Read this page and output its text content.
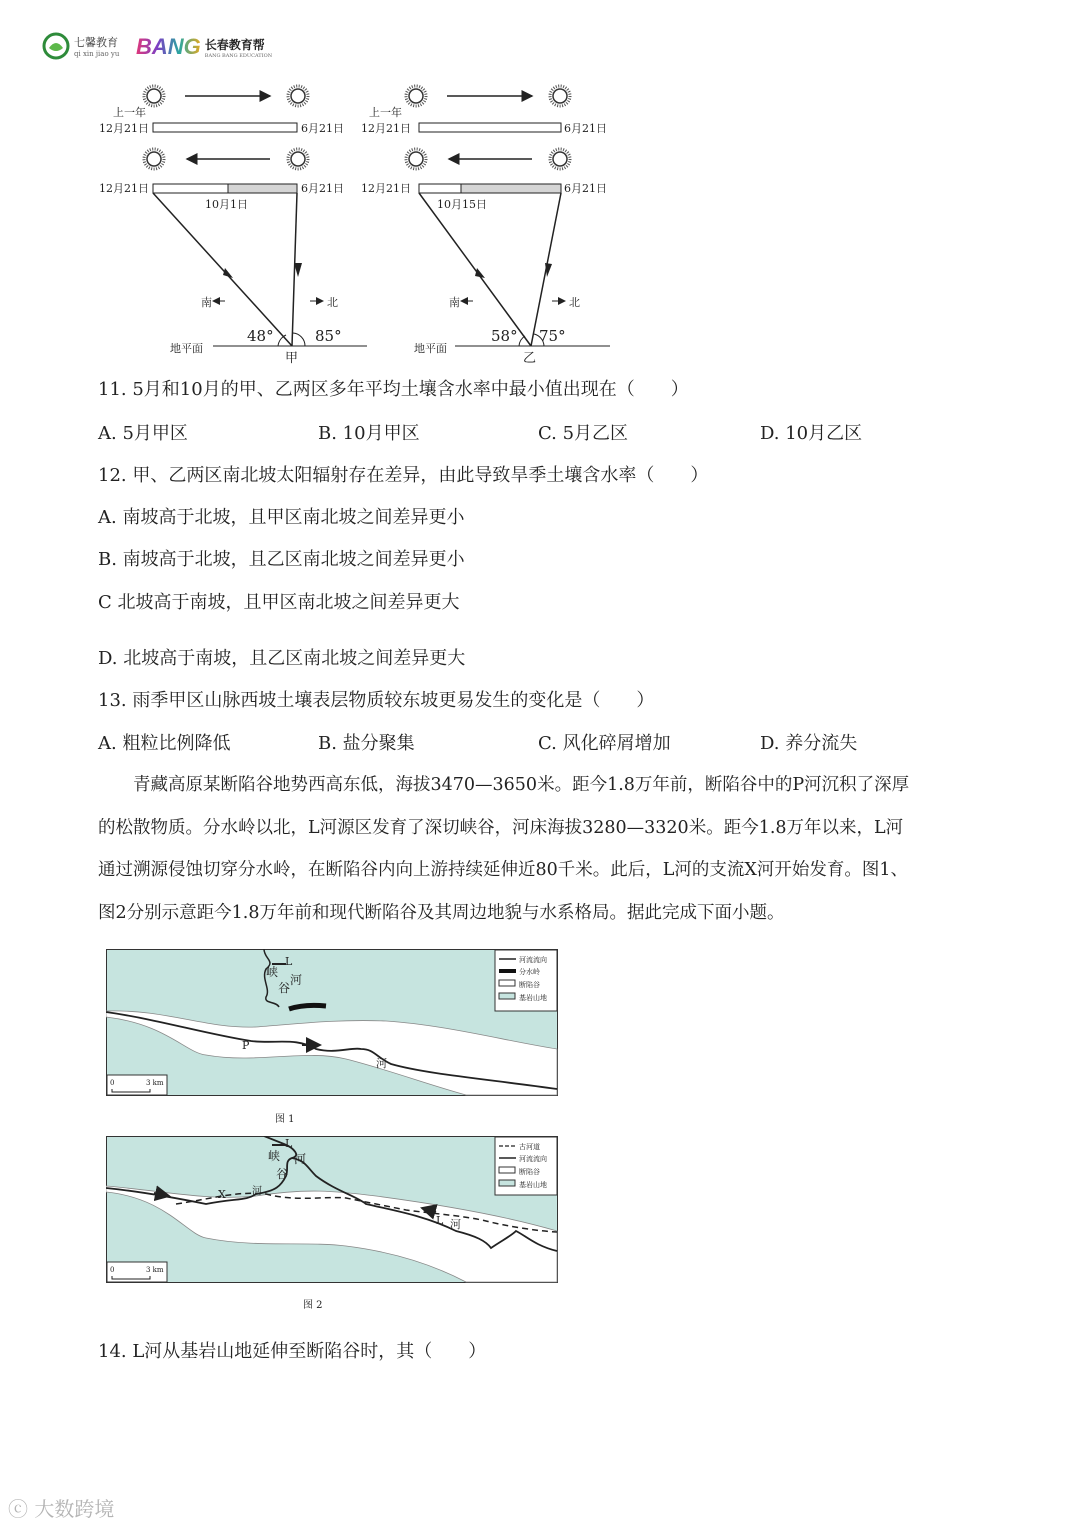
七馨教育
qi xin jiao yu BANG 长春教育帮
BANG BANG EDUCATION
上一年
12月21日	6月21日
12月21日	6月21日
10月1日
南	北
48°	85°
地平面
甲
上一年
12月21日	6月21日
12月21日	6月21日
10月15日
南	北
58° 75°
地平面
乙
11. 5月和10月的甲、乙两区多年平均土壤含水率中最小值出现在（　　）
A. 5月甲区	B. 10月甲区	C. 5月乙区	D. 10月乙区
12. 甲、乙两区南北坡太阳辐射存在差异，由此导致旱季土壤含水率（　　）
A. 南坡高于北坡，且甲区南北坡之间差异更小
B. 南坡高于北坡，且乙区南北坡之间差异更小
C 北坡高于南坡，且甲区南北坡之间差异更大
D. 北坡高于南坡，且乙区南北坡之间差异更大
13. 雨季甲区山脉西坡土壤表层物质较东坡更易发生的变化是（　　）
A. 粗粒比例降低	B. 盐分聚集	C. 风化碎屑增加	D. 养分流失
青藏高原某断陷谷地势西高东低，海拔3470—3650米。距今1.8万年前，断陷谷中的P河沉积了深厚
的松散物质。分水岭以北，L河源区发育了深切峡谷，河床海拔3280—3320米。距今1.8万年以来，L河
通过溯源侵蚀切穿分水岭，在断陷谷内向上游持续延伸近80千米。此后，L河的支流X河开始发育。图1、
图2分别示意距今1.8万年前和现代断陷谷及其周边地貌与水系格局。据此完成下面小题。
L
峡
谷
河
P
河
河流流向
分水岭
断陷谷
基岩山地
0	3 km
图 1
L
峡
谷
河
X	河
L 河
古河道
河流流向
断陷谷
基岩山地
0	3 km
图 2
14. L河从基岩山地延伸至断陷谷时，其（　　）
ⓒ 大数跨境
